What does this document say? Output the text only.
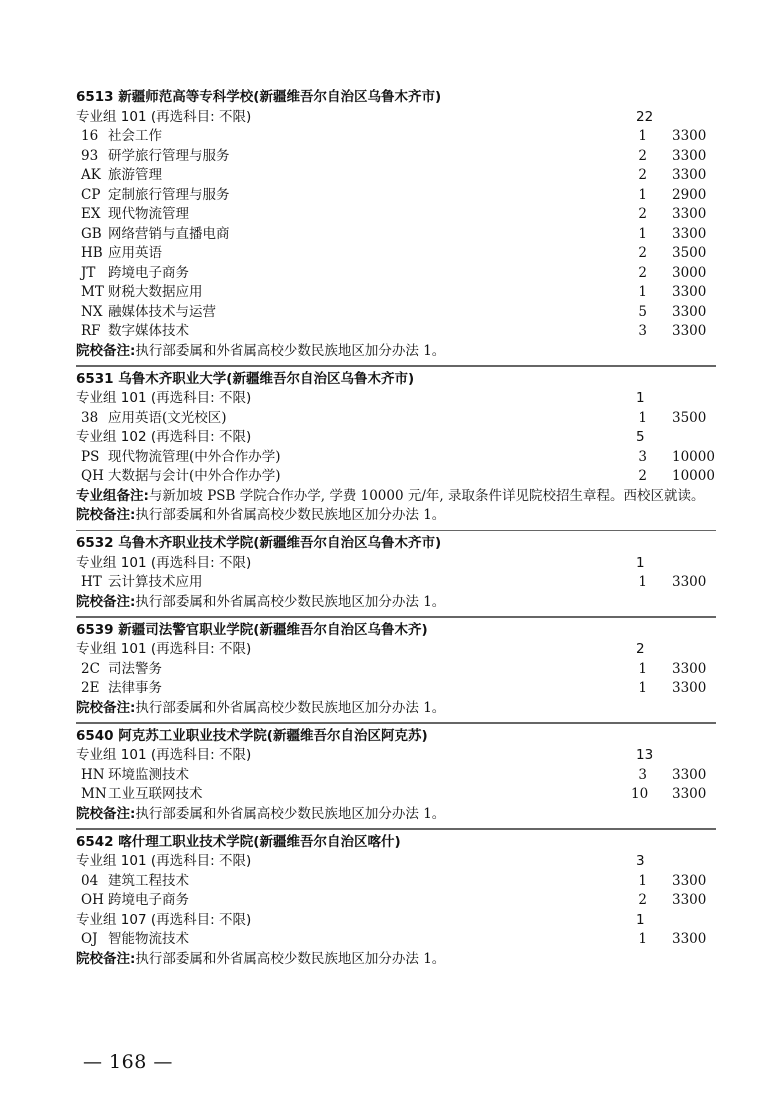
6513 新疆师范高等专科学校(新疆维吾尔自治区乌鲁木齐市)
专业组 101 (再选科目: 不限)	22
16 社会工作	1 3300
93 研学旅行管理与服务	2 3300
AK 旅游管理	2 3300
CP 定制旅行管理与服务	1 2900
EX 现代物流管理	2 3300
GB 网络营销与直播电商	1 3300
HB 应用英语	2 3500
JT 跨境电子商务	2 3000
MT 财税大数据应用	1 3300
NX 融媒体技术与运营	5 3300
RF 数字媒体技术	3 3300
院校备注:执行部委属和外省属高校少数民族地区加分办法 1。
6531 乌鲁木齐职业大学(新疆维吾尔自治区乌鲁木齐市)
专业组 101 (再选科目: 不限)	1
38 应用英语(文光校区)	1 3500
专业组 102 (再选科目: 不限)	5
PS 现代物流管理(中外合作办学)	3 10000
QH 大数据与会计(中外合作办学)	2 10000
专业组备注:与新加坡 PSB 学院合作办学, 学费 10000 元/年, 录取条件详见院校招生章程。西校区就读。
院校备注:执行部委属和外省属高校少数民族地区加分办法 1。
6532 乌鲁木齐职业技术学院(新疆维吾尔自治区乌鲁木齐市)
专业组 101 (再选科目: 不限)	1
HT 云计算技术应用	1 3300
院校备注:执行部委属和外省属高校少数民族地区加分办法 1。
6539 新疆司法警官职业学院(新疆维吾尔自治区乌鲁木齐)
专业组 101 (再选科目: 不限)	2
2C 司法警务	1 3300
2E 法律事务	1 3300
院校备注:执行部委属和外省属高校少数民族地区加分办法 1。
6540 阿克苏工业职业技术学院(新疆维吾尔自治区阿克苏)
专业组 101 (再选科目: 不限)	13
HN 环境监测技术	3 3300
MN 工业互联网技术	10 3300
院校备注:执行部委属和外省属高校少数民族地区加分办法 1。
6542 喀什理工职业技术学院(新疆维吾尔自治区喀什)
专业组 101 (再选科目: 不限)	3
04 建筑工程技术	1 3300
OH 跨境电子商务	2 3300
专业组 107 (再选科目: 不限)	1
OJ 智能物流技术	1 3300
院校备注:执行部委属和外省属高校少数民族地区加分办法 1。
— 168 —
